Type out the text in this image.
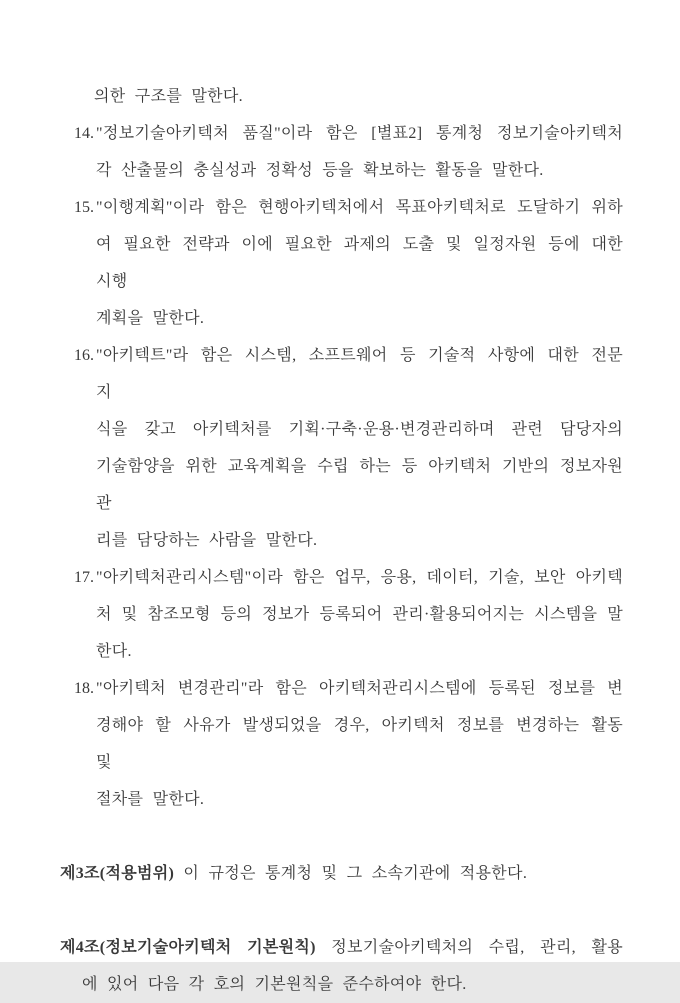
의한 구조를 말한다.
14. "정보기술아키텍처 품질"이라 함은 [별표2] 통계청 정보기술아키텍처
각 산출물의 충실성과 정확성 등을 확보하는 활동을 말한다.
15. "이행계획"이라 함은 현행아키텍처에서 목표아키텍처로 도달하기 위하
여 필요한 전략과 이에 필요한 과제의 도출 및 일정자원 등에 대한 시행
계획을 말한다.
16. "아키텍트"라 함은 시스템, 소프트웨어 등 기술적 사항에 대한 전문 지
식을 갖고 아키텍처를 기획·구축·운용·변경관리하며 관련 담당자의
기술함양을 위한 교육계획을 수립 하는 등 아키텍처 기반의 정보자원관
리를 담당하는 사람을 말한다.
17. "아키텍처관리시스템"이라 함은 업무, 응용, 데이터, 기술, 보안 아키텍
처 및 참조모형 등의 정보가 등록되어 관리·활용되어지는 시스템을 말
한다.
18. "아키텍처 변경관리"라 함은 아키텍처관리시스템에 등록된 정보를 변
경해야 할 사유가 발생되었을 경우, 아키텍처 정보를 변경하는 활동 및
절차를 말한다.
제3조(적용범위) 이 규정은 통계청 및 그 소속기관에 적용한다.
제4조(정보기술아키텍처 기본원칙) 정보기술아키텍처의 수립, 관리, 활용
에 있어 다음 각 호의 기본원칙을 준수하여야 한다.
